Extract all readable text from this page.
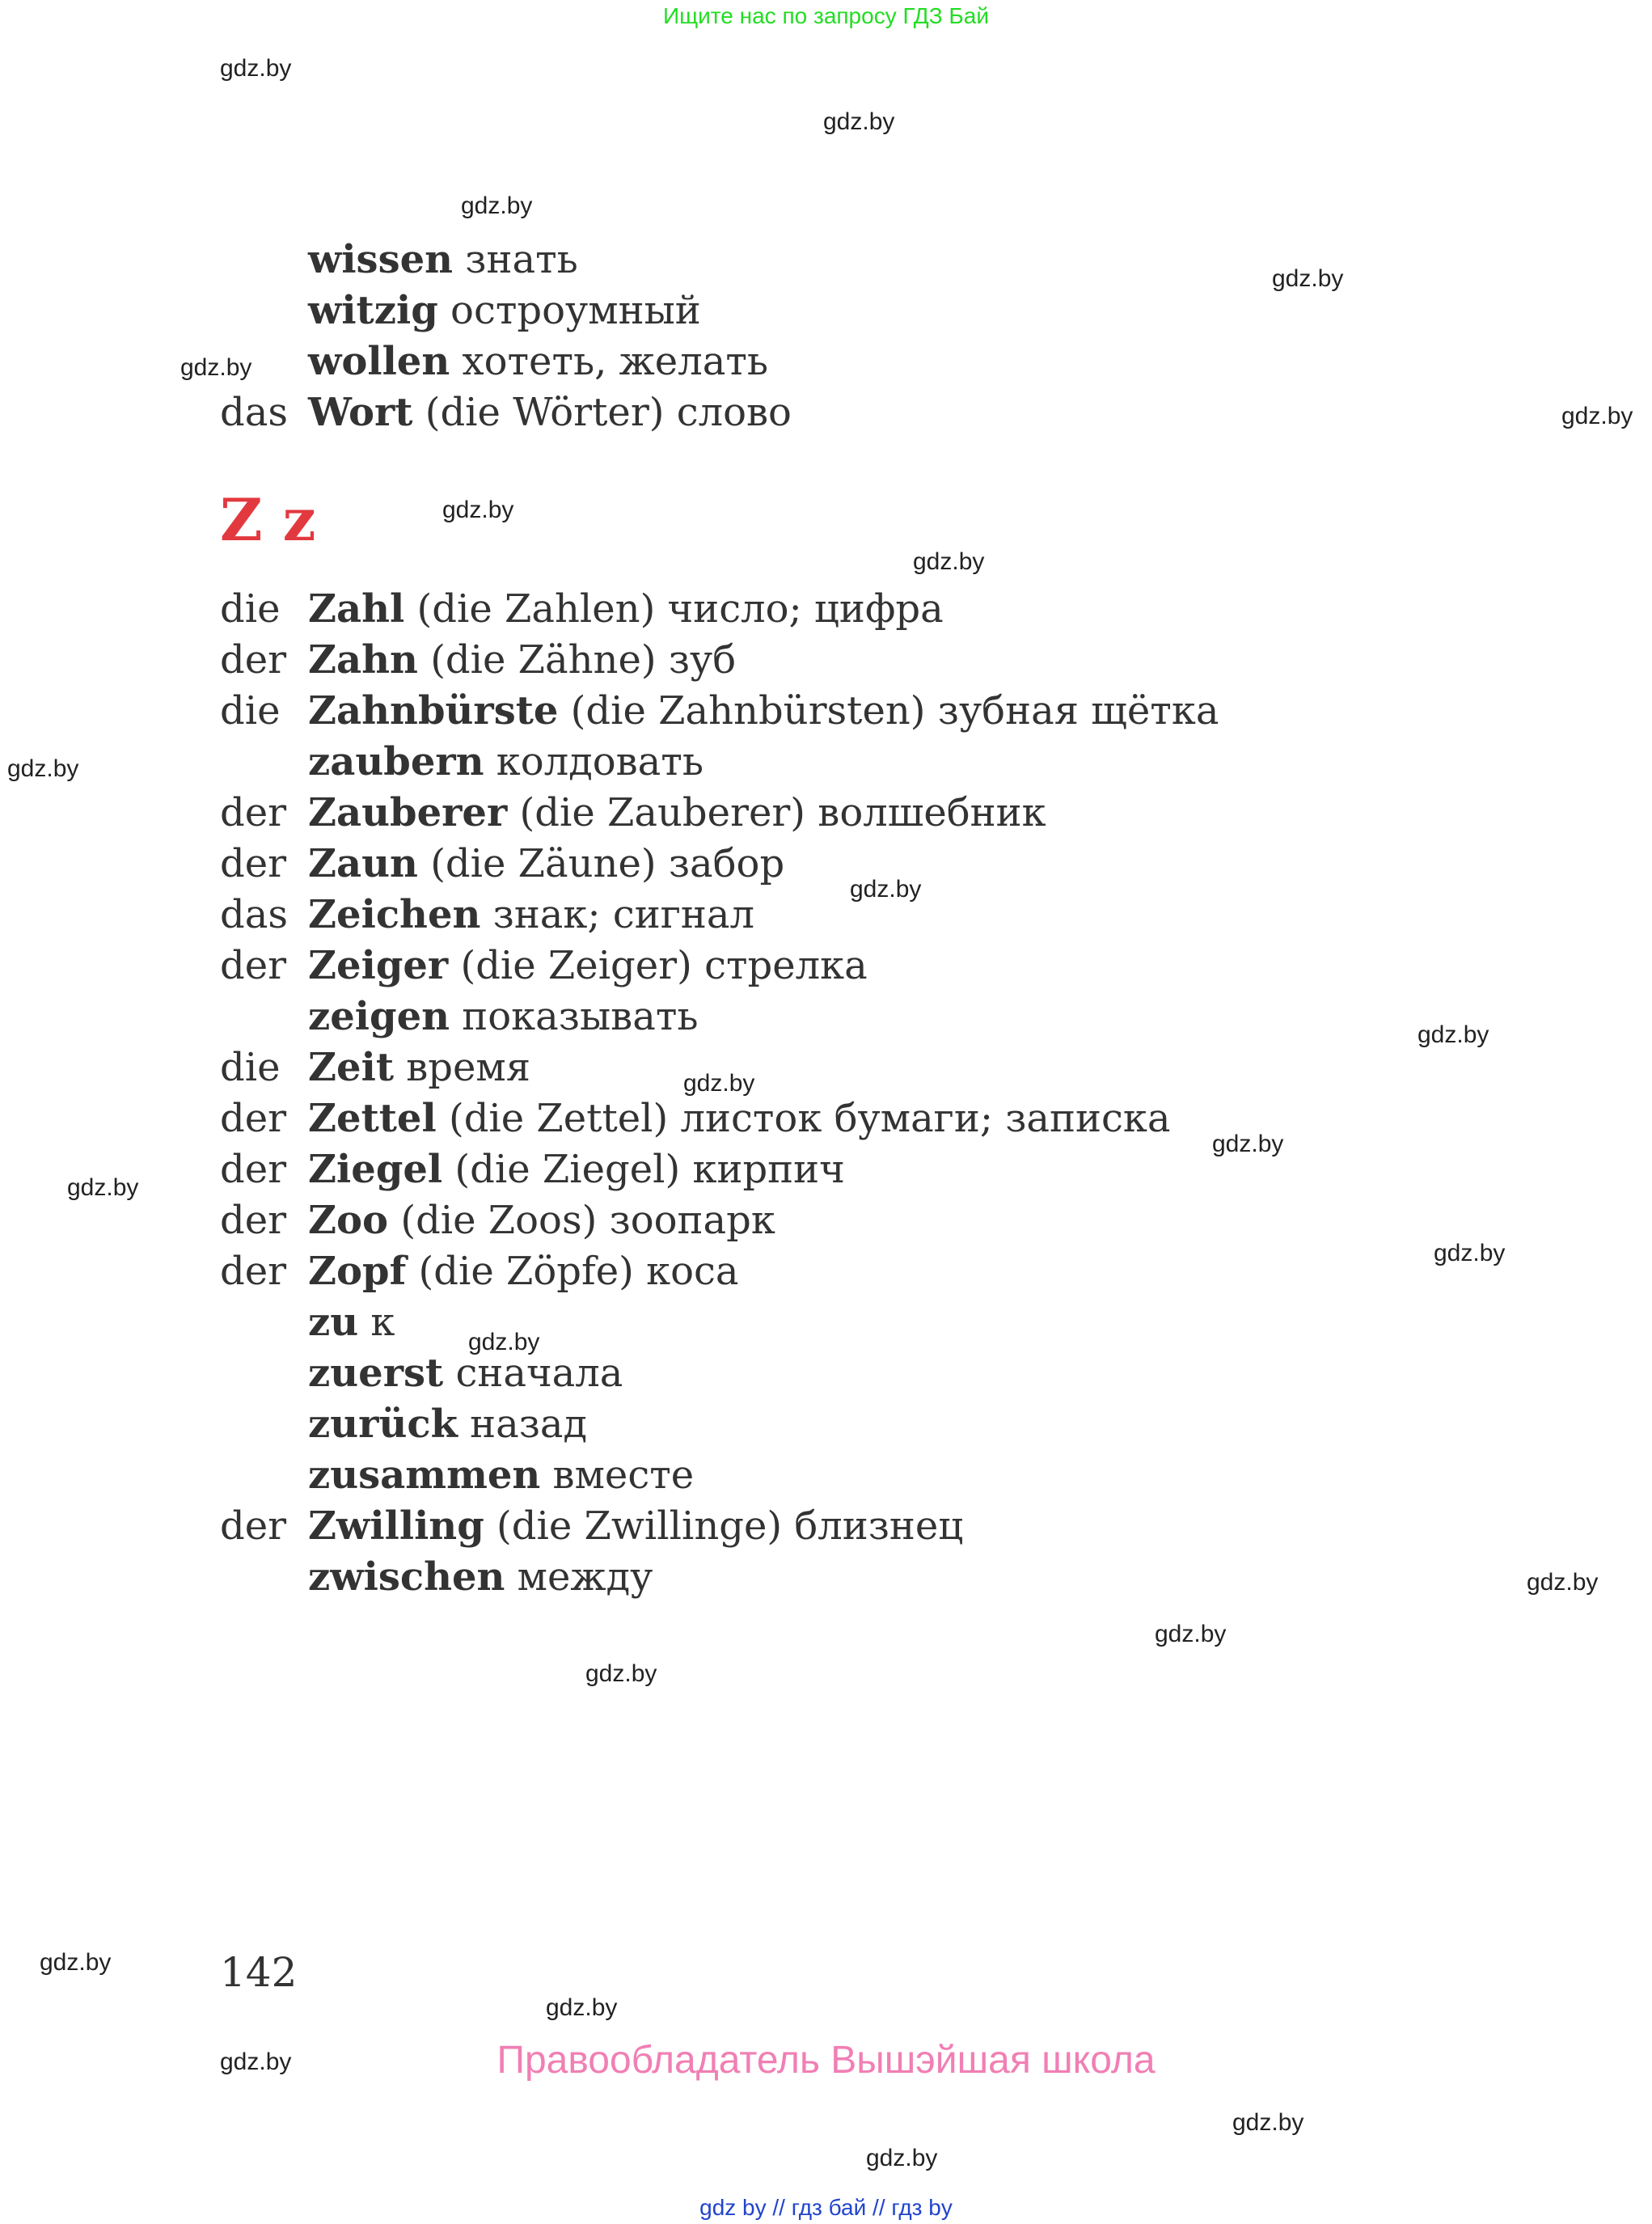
Ищите нас по запросу ГДЗ Бай
gdz.by
gdz.by
gdz.by
gdz.by
gdz.by
gdz.by
gdz.by
gdz.by
gdz.by
gdz.by
gdz.by
gdz.by
gdz.by
gdz.by
gdz.by
gdz.by
gdz.by
gdz.by
gdz.by
gdz.by
gdz.by
gdz.by
gdz.by
gdz.by
wissen знать
witzig остроумный
wollen хотеть, желать
das Wort (die Wörter) слово
Z z
die Zahl (die Zahlen) число; цифра
der Zahn (die Zähne) зуб
die Zahnbürste (die Zahnbürsten) зубная щётка
zaubern колдовать
der Zauberer (die Zauberer) волшебник
der Zaun (die Zäune) забор
das Zeichen знак; сигнал
der Zeiger (die Zeiger) стрелка
zeigen показывать
die Zeit время
der Zettel (die Zettel) листок бумаги; записка
der Ziegel (die Ziegel) кирпич
der Zoo (die Zoos) зоопарк
der Zopf (die Zöpfe) коса
zu к
zuerst сначала
zurück назад
zusammen вместе
der Zwilling (die Zwillinge) близнец
zwischen между
142
Правообладатель Вышэйшая школа
gdz by // гдз бай // гдз by
